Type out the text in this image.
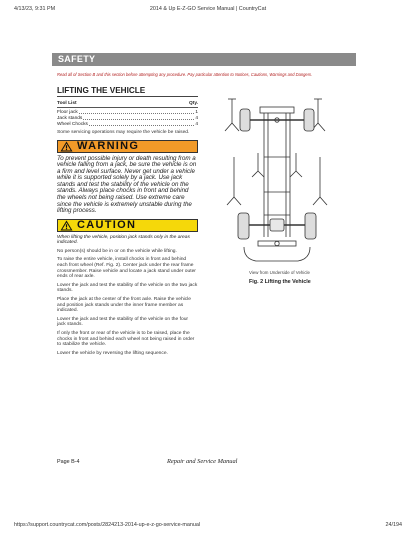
4/13/23, 9:31 PM	2014 & Up E-Z-GO Service Manual | CountryCat
SAFETY
Read all of Section B and this section before attempting any procedure. Pay particular attention to Notices, Cautions, Warnings and Dangers.
LIFTING THE VEHICLE
Tool List	Qty.
Floor jack	1
Jack stands	4
Wheel Chocks	4
Some servicing operations may require the vehicle be raised.
WARNING
To prevent possible injury or death resulting from a vehicle falling from a jack, be sure the vehicle is on a firm and level surface. Never get under a vehicle while it is supported solely by a jack. Use jack stands and test the stability of the vehicle on the stands. Always place chocks in front and behind the wheels not being raised. Use extreme care since the vehicle is extremely unstable during the lifting process.
CAUTION
When lifting the vehicle, position jack stands only in the areas indicated.
No person(s) should be in or on the vehicle while lifting.
To raise the entire vehicle, install chocks in front and behind each front wheel (Ref. Fig. 2). Center jack under the rear frame crossmember. Raise vehicle and locate a jack stand under outer ends of rear axle.
Lower the jack and test the stability of the vehicle on the two jack stands.
Place the jack at the center of the front axle. Raise the vehicle and position jack stands under the inner frame member as indicated.
Lower the jack and test the stability of the vehicle on the four jack stands.
If only the front or rear of the vehicle is to be raised, place the chocks in front and behind each wheel not being raised in order to stabilize the vehicle.
Lower the vehicle by reversing the lifting sequence.
View from Underside of Vehicle
Fig. 2 Lifting the Vehicle
Page B-4	Repair and Service Manual
https://support.countrycat.com/posts/2824213-2014-up-e-z-go-service-manual	24/194
